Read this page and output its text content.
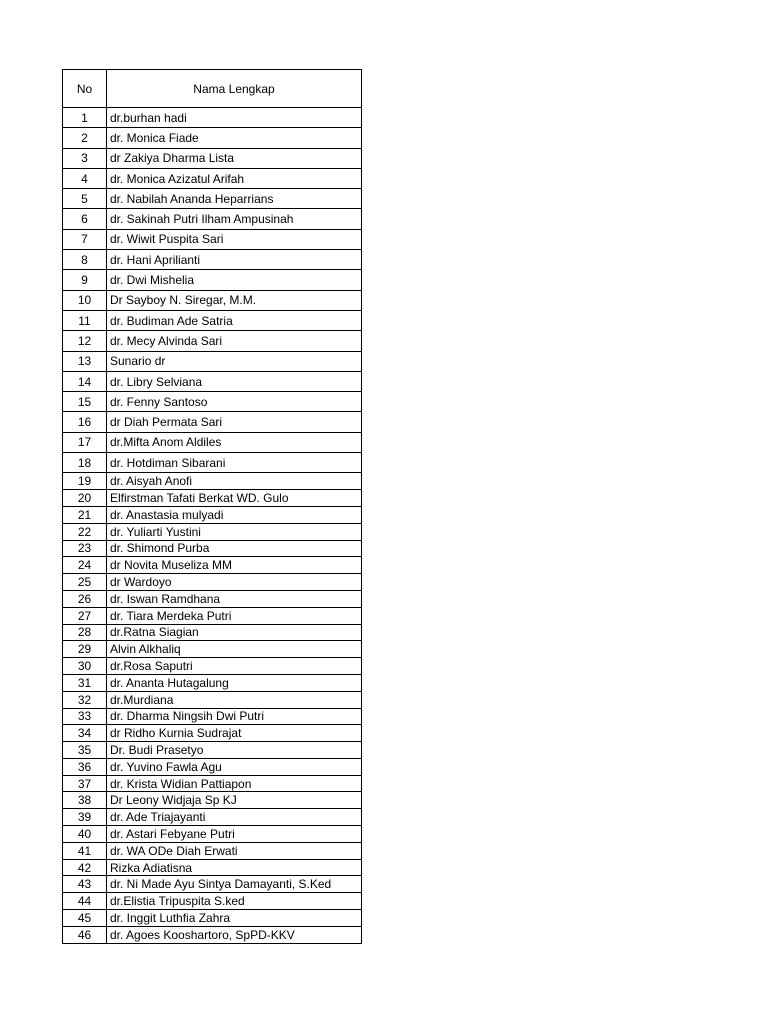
No	Nama Lengkap
1	dr.burhan hadi
2	dr. Monica Fiade
3	dr Zakiya Dharma Lista
4	dr. Monica Azizatul Arifah
5	dr. Nabilah Ananda Heparrians
6	dr. Sakinah Putri Ilham Ampusinah
7	dr. Wiwit Puspita Sari
8	dr. Hani Aprilianti
9	dr. Dwi Mishelia
10	Dr Sayboy N. Siregar, M.M.
11	dr. Budiman Ade Satria
12	dr. Mecy Alvinda Sari
13	Sunario dr
14	dr. Libry Selviana
15	dr. Fenny Santoso
16	dr Diah Permata Sari
17	dr.Mifta Anom Aldiles
18	dr. Hotdiman Sibarani
19	dr. Aisyah Anofi
20	Elfirstman Tafati Berkat WD. Gulo
21	dr. Anastasia mulyadi
22	dr. Yuliarti Yustini
23	dr. Shimond Purba
24	dr Novita Museliza MM
25	dr Wardoyo
26	dr. Iswan Ramdhana
27	dr. Tiara Merdeka Putri
28	dr.Ratna Siagian
29	Alvin Alkhaliq
30	dr.Rosa Saputri
31	dr. Ananta Hutagalung
32	dr.Murdiana
33	dr. Dharma Ningsih Dwi Putri
34	dr Ridho Kurnia Sudrajat
35	Dr. Budi Prasetyo
36	dr. Yuvino Fawla Agu
37	dr. Krista Widian Pattiapon
38	Dr Leony Widjaja Sp KJ
39	dr. Ade Triajayanti
40	dr. Astari Febyane Putri
41	dr. WA ODe Diah Erwati
42	Rizka Adiatisna
43	dr. Ni Made Ayu Sintya Damayanti, S.Ked
44	dr.Elistia Tripuspita S.ked
45	dr. Inggit Luthfia Zahra
46	dr. Agoes Kooshartoro, SpPD-KKV
